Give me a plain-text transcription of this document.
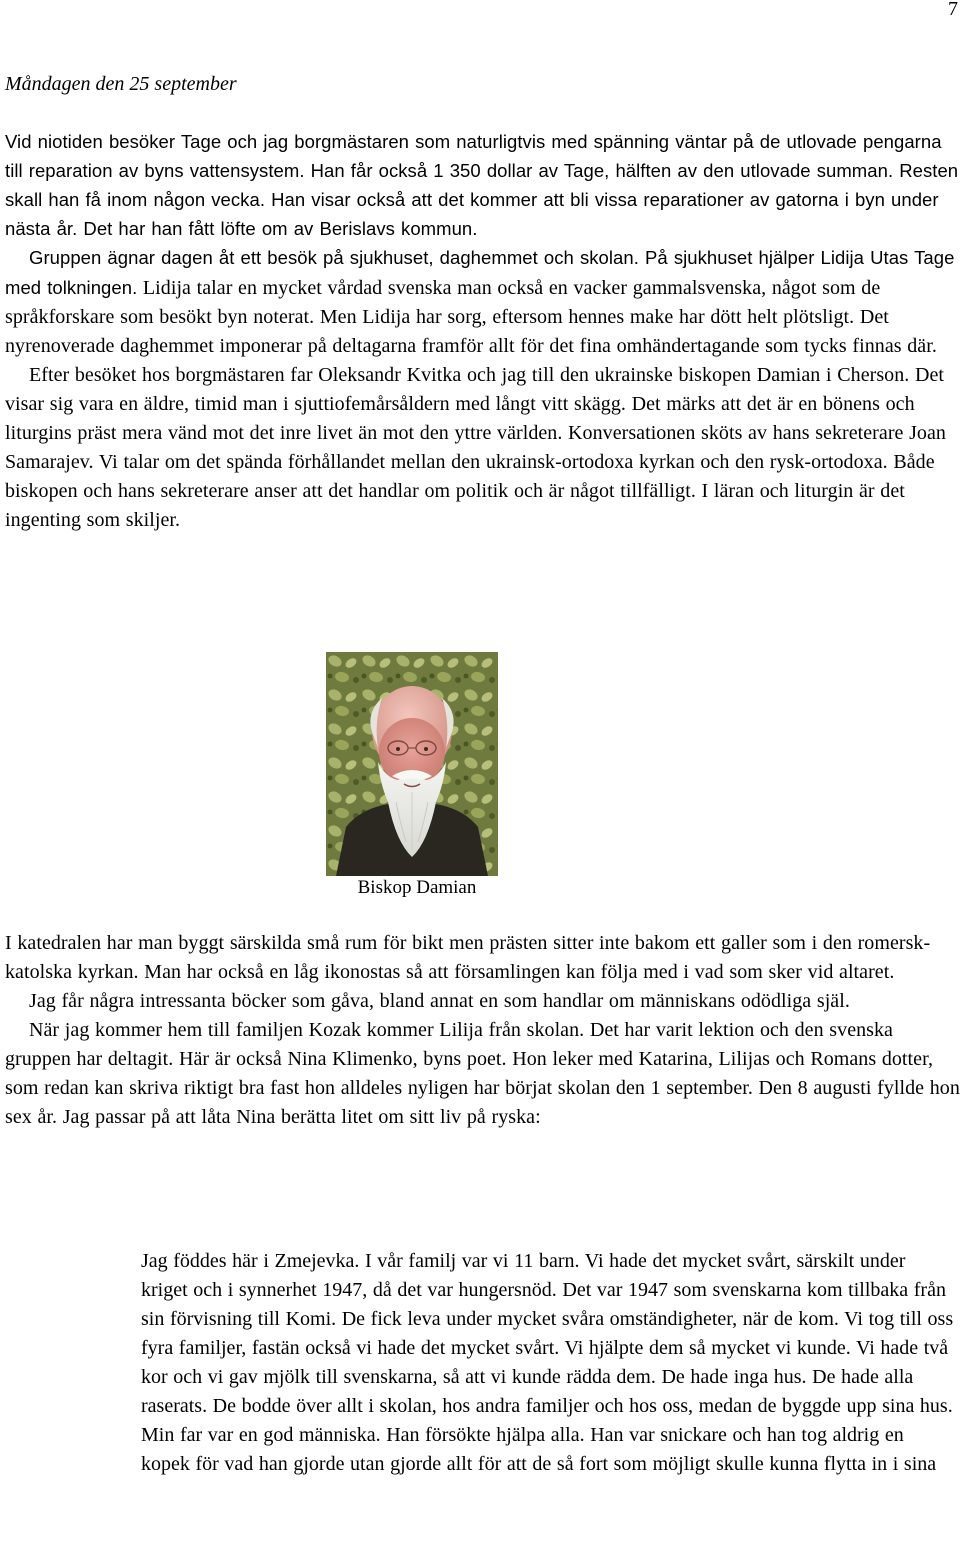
7

Måndagen den 25 september

Vid niotiden besöker Tage och jag borgmästaren som naturligtvis med spänning väntar på de utlovade pengarna till reparation av byns vattensystem. Han får också 1 350 dollar av Tage, hälften av den utlovade summan. Resten skall han få inom någon vecka. Han visar också att det kommer att bli vissa reparationer av gatorna i byn under nästa år. Det har han fått löfte om av Berislavs kommun.

Gruppen ägnar dagen åt ett besök på sjukhuset, daghemmet och skolan. På sjukhuset hjälper Lidija Utas Tage med tolkningen. Lidija talar en mycket vårdad svenska man också en vacker gammalsvenska, något som de språkforskare som besökt byn noterat. Men Lidija har sorg, eftersom hennes make har dött helt plötsligt. Det nyrenoverade daghemmet imponerar på deltagarna framför allt för det fina omhändertagande som tycks finnas där.

Efter besöket hos borgmästaren far Oleksandr Kvitka och jag till den ukrainske biskopen Damian i Cherson. Det visar sig vara en äldre, timid man i sjuttiofemårsåldern med långt vitt skägg. Det märks att det är en bönens och liturgins präst mera vänd mot det inre livet än mot den yttre världen. Konversationen sköts av hans sekreterare Joan Samarajev. Vi talar om det spända förhållandet mellan den ukrainsk-ortodoxa kyrkan och den rysk-ortodoxa. Både biskopen och hans sekreterare anser att det handlar om politik och är något tillfälligt. I läran och liturgin är det ingenting som skiljer.

Biskop Damian

I katedralen har man byggt särskilda små rum för bikt men prästen sitter inte bakom ett galler som i den romersk-katolska kyrkan. Man har också en låg ikonostas så att församlingen kan följa med i vad som sker vid altaret.

Jag får några intressanta böcker som gåva, bland annat en som handlar om människans odödliga själ.

När jag kommer hem till familjen Kozak kommer Lilija från skolan. Det har varit lektion och den svenska gruppen har deltagit. Här är också Nina Klimenko, byns poet. Hon leker med Katarina, Lilijas och Romans dotter, som redan kan skriva riktigt bra fast hon alldeles nyligen har börjat skolan den 1 september. Den 8 augusti fyllde hon sex år. Jag passar på att låta Nina berätta litet om sitt liv på ryska:

Jag föddes här i Zmejevka. I vår familj var vi 11 barn. Vi hade det mycket svårt, särskilt under kriget och i synnerhet 1947, då det var hungersnöd. Det var 1947 som svenskarna kom tillbaka från sin förvisning till Komi. De fick leva under mycket svåra omständigheter, när de kom. Vi tog till oss fyra familjer, fastän också vi hade det mycket svårt. Vi hjälpte dem så mycket vi kunde. Vi hade två kor och vi gav mjölk till svenskarna, så att vi kunde rädda dem. De hade inga hus. De hade alla raserats. De bodde över allt i skolan, hos andra familjer och hos oss, medan de byggde upp sina hus. Min far var en god människa. Han försökte hjälpa alla. Han var snickare och han tog aldrig en kopek för vad han gjorde utan gjorde allt för att de så fort som möjligt skulle kunna flytta in i sina
